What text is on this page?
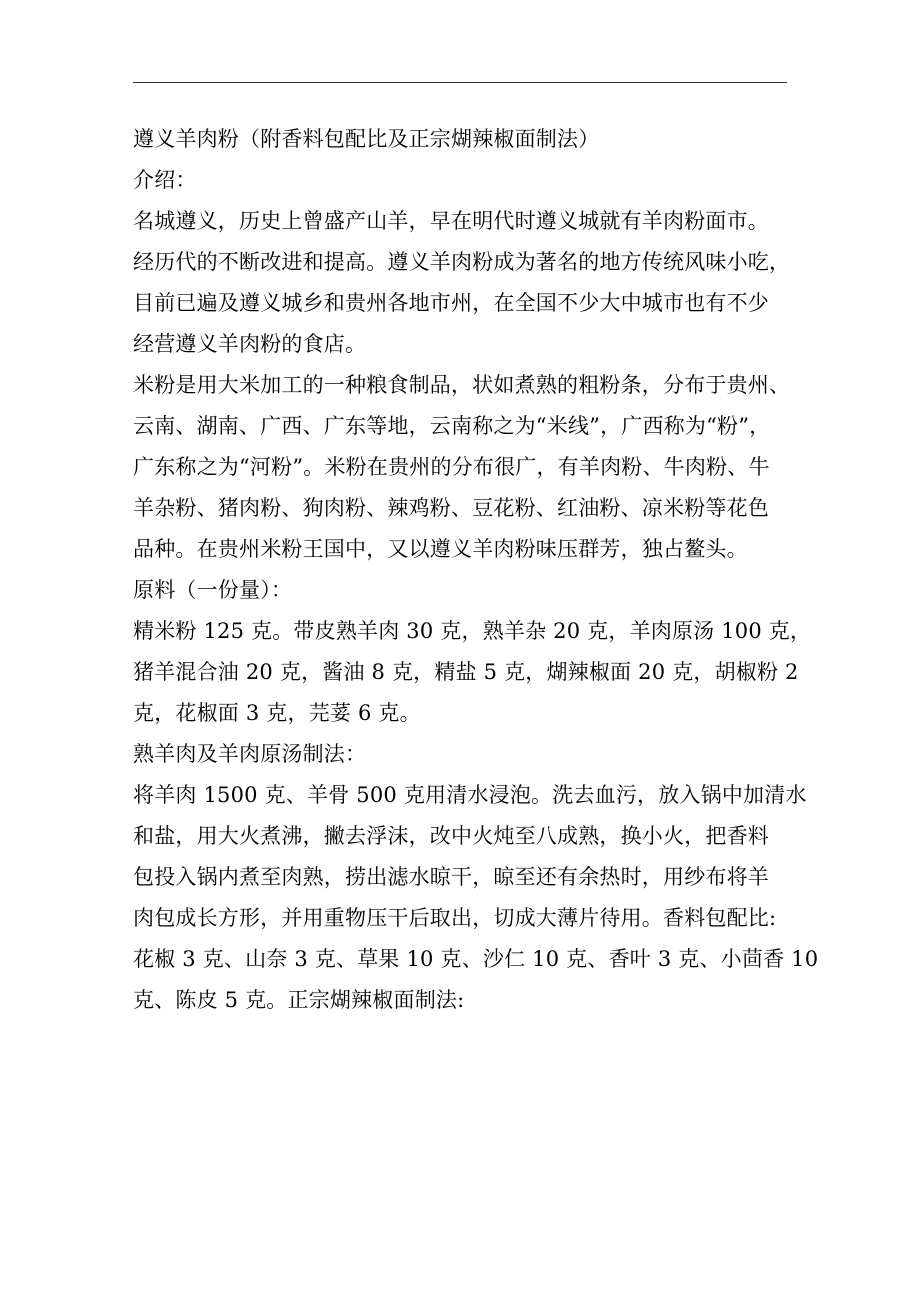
遵义羊肉粉（附香料包配比及正宗煳辣椒面制法）
介绍：
名城遵义，历史上曾盛产山羊，早在明代时遵义城就有羊肉粉面市。
经历代的不断改进和提高。遵义羊肉粉成为著名的地方传统风味小吃，
目前已遍及遵义城乡和贵州各地市州，在全国不少大中城市也有不少
经营遵义羊肉粉的食店。
米粉是用大米加工的一种粮食制品，状如煮熟的粗粉条，分布于贵州、
云南、湖南、广西、广东等地，云南称之为“米线”，广西称为“粉”，
广东称之为“河粉”。米粉在贵州的分布很广，有羊肉粉、牛肉粉、牛
羊杂粉、猪肉粉、狗肉粉、辣鸡粉、豆花粉、红油粉、凉米粉等花色
品种。在贵州米粉王国中，又以遵义羊肉粉味压群芳，独占鳌头。
原料（一份量）：
精米粉 125 克。带皮熟羊肉 30 克，熟羊杂 20 克，羊肉原汤 100 克，
猪羊混合油 20 克，酱油 8 克，精盐 5 克，煳辣椒面 20 克，胡椒粉 2
克，花椒面 3 克，芫荽 6 克。
熟羊肉及羊肉原汤制法：
将羊肉 1500 克、羊骨 500 克用清水浸泡。洗去血污，放入锅中加清水
和盐，用大火煮沸，撇去浮沫，改中火炖至八成熟，换小火，把香料
包投入锅内煮至肉熟，捞出滤水晾干，晾至还有余热时，用纱布将羊
肉包成长方形，并用重物压干后取出，切成大薄片待用。香料包配比:
花椒 3 克、山奈 3 克、草果 10 克、沙仁 10 克、香叶 3 克、小茴香 10
克、陈皮 5 克。正宗煳辣椒面制法:
